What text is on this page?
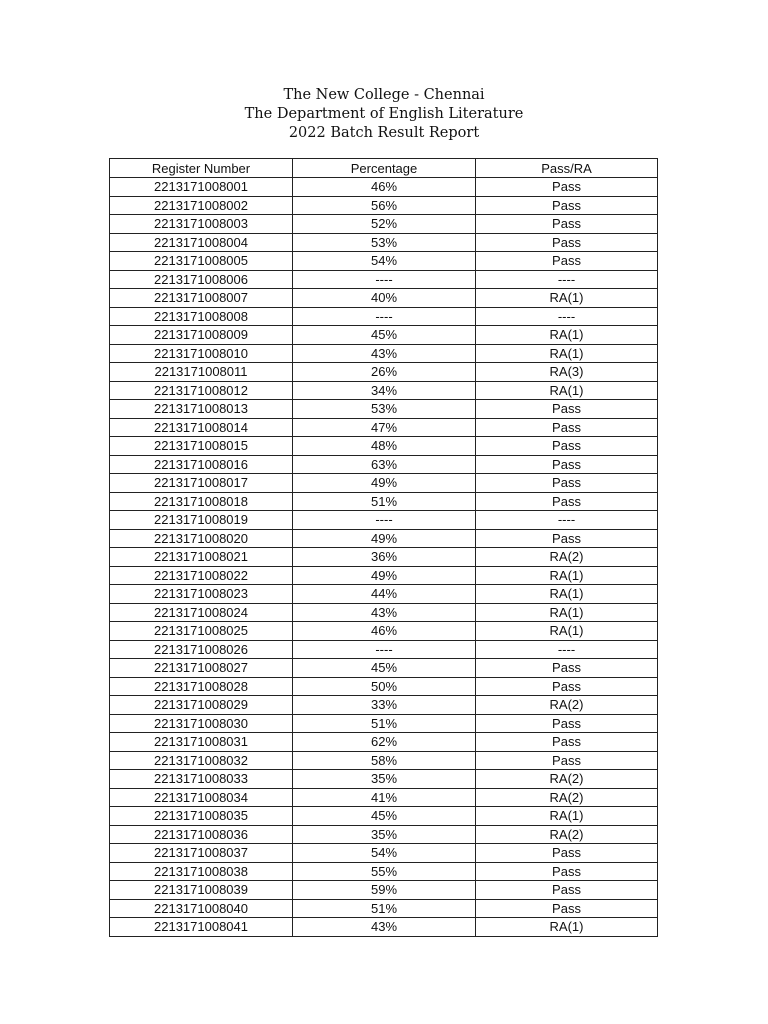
The New College - Chennai
The Department of English Literature
2022 Batch Result Report
Register Number	Percentage	Pass/RA
2213171008001	46%	Pass
2213171008002	56%	Pass
2213171008003	52%	Pass
2213171008004	53%	Pass
2213171008005	54%	Pass
2213171008006	----	----
2213171008007	40%	RA(1)
2213171008008	----	----
2213171008009	45%	RA(1)
2213171008010	43%	RA(1)
2213171008011	26%	RA(3)
2213171008012	34%	RA(1)
2213171008013	53%	Pass
2213171008014	47%	Pass
2213171008015	48%	Pass
2213171008016	63%	Pass
2213171008017	49%	Pass
2213171008018	51%	Pass
2213171008019	----	----
2213171008020	49%	Pass
2213171008021	36%	RA(2)
2213171008022	49%	RA(1)
2213171008023	44%	RA(1)
2213171008024	43%	RA(1)
2213171008025	46%	RA(1)
2213171008026	----	----
2213171008027	45%	Pass
2213171008028	50%	Pass
2213171008029	33%	RA(2)
2213171008030	51%	Pass
2213171008031	62%	Pass
2213171008032	58%	Pass
2213171008033	35%	RA(2)
2213171008034	41%	RA(2)
2213171008035	45%	RA(1)
2213171008036	35%	RA(2)
2213171008037	54%	Pass
2213171008038	55%	Pass
2213171008039	59%	Pass
2213171008040	51%	Pass
2213171008041	43%	RA(1)
